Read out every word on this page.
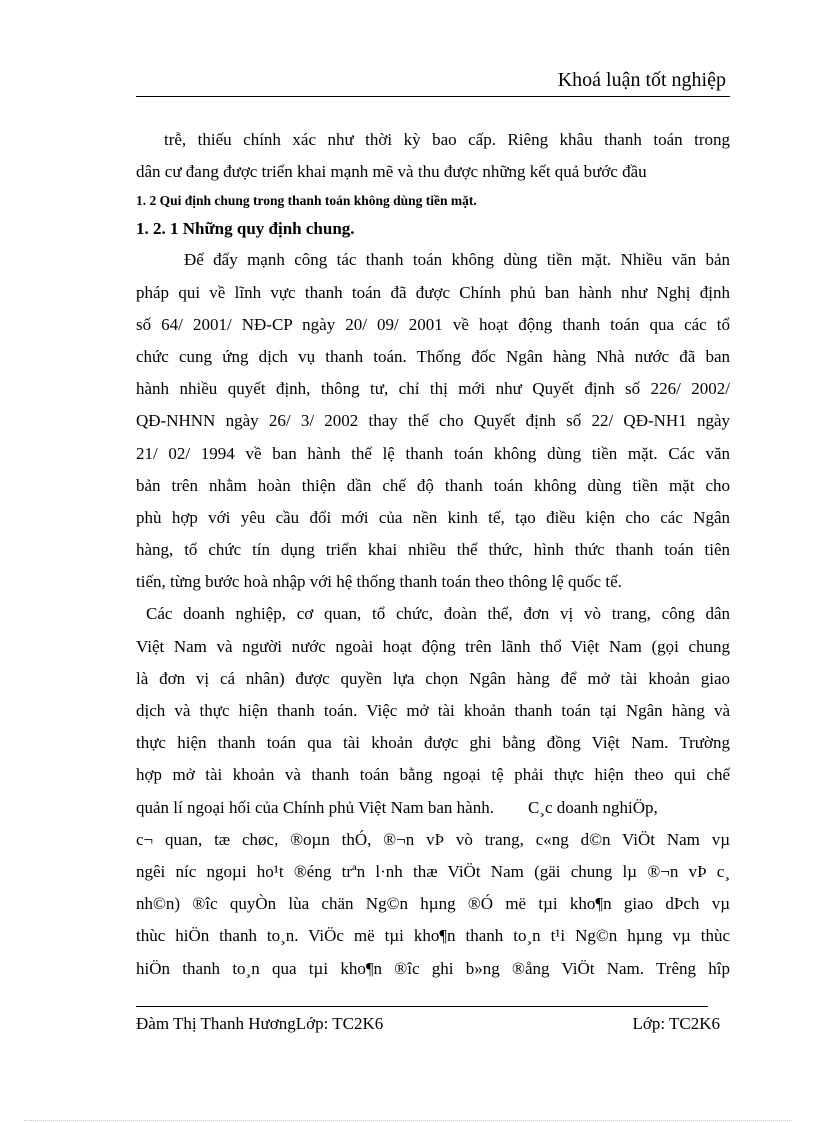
Khoá luận tốt nghiệp
trễ, thiếu chính xác như thời kỳ bao cấp. Riêng khâu thanh toán trong
dân cư đang được triển khai mạnh mẽ và thu được những kết quả bước đầu
1. 2 Qui định chung trong thanh toán không dùng tiền mặt.
1. 2. 1 Những quy định chung.
Để đẩy mạnh công tác thanh toán không dùng tiền mặt. Nhiều văn bản
pháp qui về lĩnh vực thanh toán đã được Chính phủ ban hành như Nghị định
số 64/ 2001/ NĐ-CP ngày 20/ 09/ 2001 về hoạt động thanh toán qua các tổ
chức cung ứng dịch vụ thanh toán. Thống đốc Ngân hàng Nhà nước đã ban
hành nhiều quyết định, thông tư, chỉ thị mới như Quyết định số 226/ 2002/
QĐ-NHNN ngày 26/ 3/ 2002 thay thế cho Quyết định số 22/ QĐ-NH1 ngày
21/ 02/ 1994 về ban hành thể lệ thanh toán không dùng tiền mặt. Các văn
bản trên nhằm hoàn thiện dần chế độ thanh toán không dùng tiền mặt cho
phù hợp với yêu cầu đổi mới của nền kinh tế, tạo điều kiện cho các Ngân
hàng, tổ chức tín dụng triển khai nhiều thể thức, hình thức thanh toán tiên
tiến, từng bước hoà nhập với hệ thống thanh toán theo thông lệ quốc tế.
Các doanh nghiệp, cơ quan, tổ chức, đoàn thể, đơn vị vò trang, công dân
Việt Nam và người nước ngoài hoạt động trên lãnh thổ Việt Nam (gọi chung
là đơn vị cá nhân) được quyền lựa chọn Ngân hàng để mở tài khoản giao
dịch và thực hiện thanh toán. Việc mở tài khoản thanh toán tại Ngân hàng và
thực hiện thanh toán qua tài khoản được ghi bằng đồng Việt Nam. Trường
hợp mở tài khoản và thanh toán bằng ngoại tệ phải thực hiện theo qui chế
quản lí ngoại hối của Chính phủ Việt Nam ban hành.        C¸c doanh nghiÖp,
c¬ quan, tæ chøc, ®oµn thÓ, ®¬n vÞ vò trang, c«ng d©n ViÖt Nam vµ
ngêi níc ngoµi ho¹t ®éng trªn l·nh thæ ViÖt Nam (gäi chung lµ ®¬n vÞ c¸
nh©n) ®îc quyÒn lùa chän Ng©n hµng ®Ó më tµi kho¶n giao dÞch vµ
thùc hiÖn thanh to¸n. ViÖc më tµi kho¶n thanh to¸n t¹i Ng©n hµng vµ thùc
hiÖn thanh to¸n qua tµi kho¶n ®îc ghi b»ng ®ång ViÖt Nam. Trêng hîp
Đàm Thị Thanh HươngLớp: TC2K6	Lớp: TC2K6
